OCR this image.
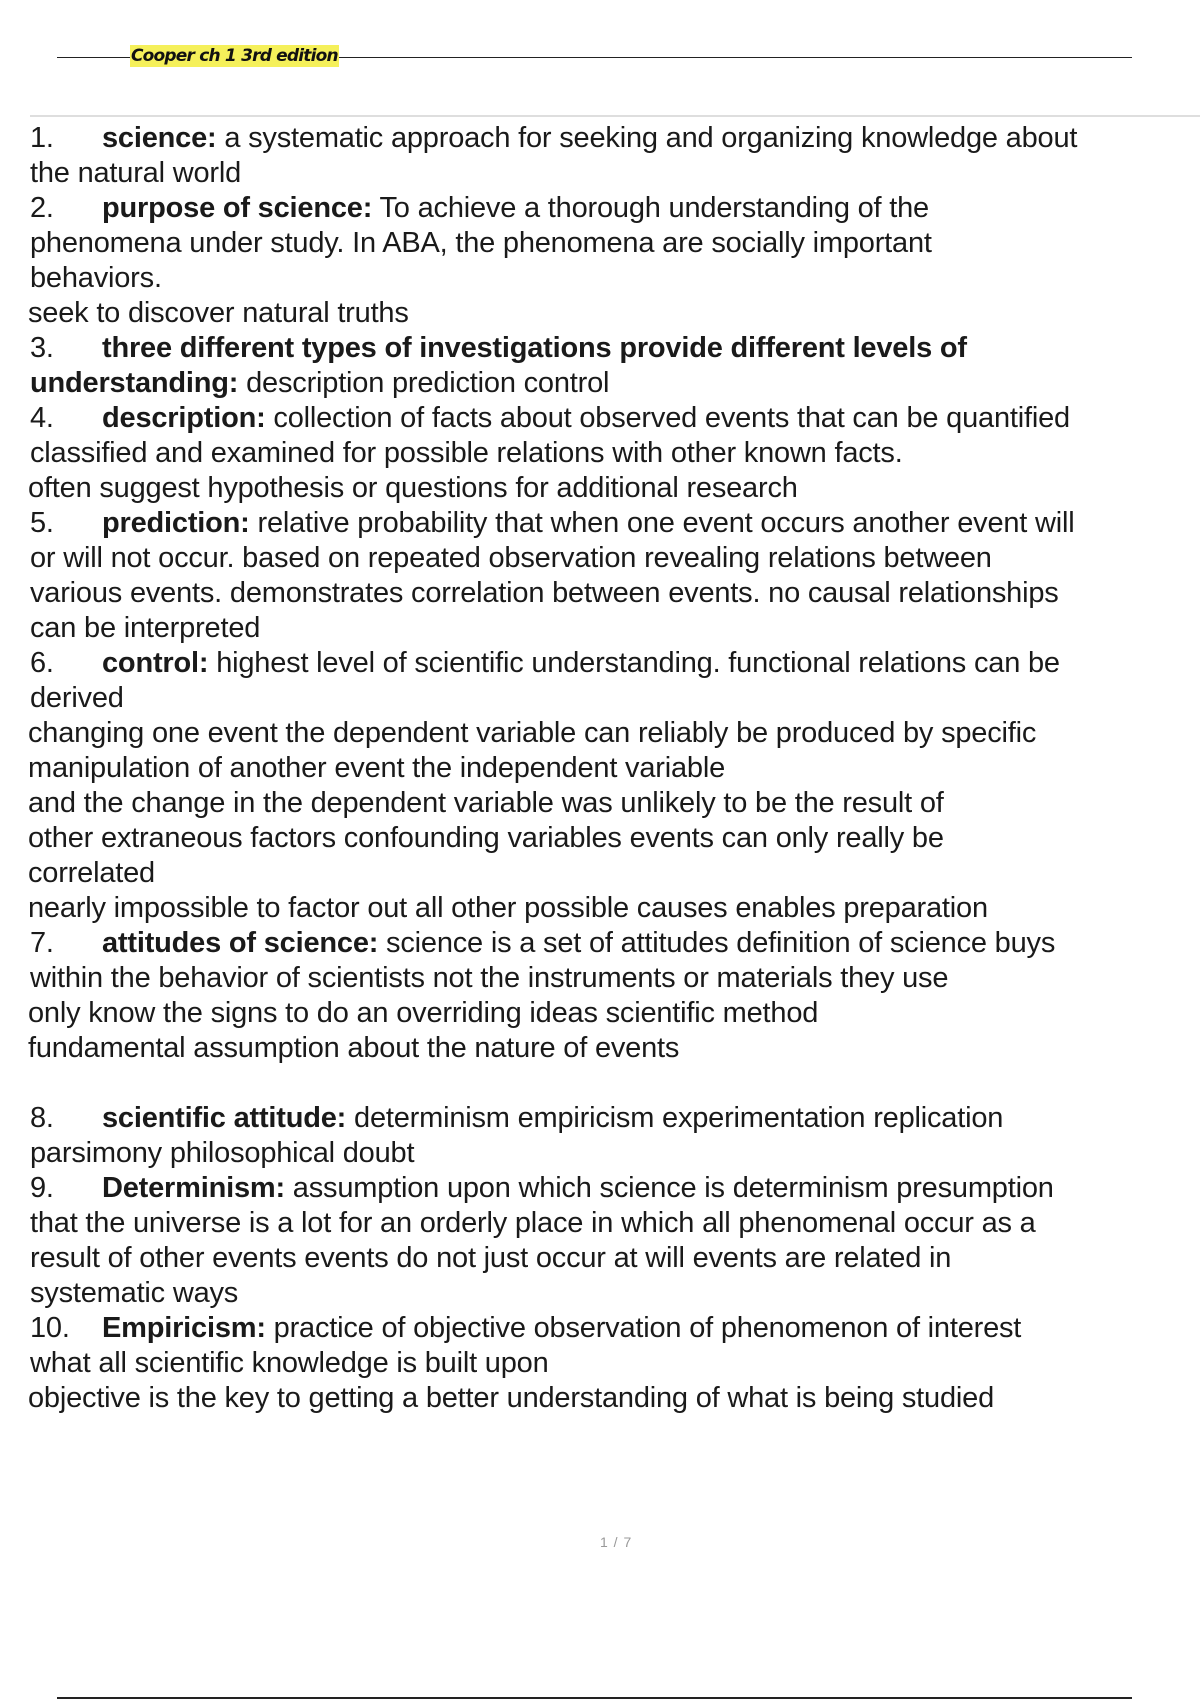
Cooper ch 1 3rd edition
1. science: a systematic approach for seeking and organizing knowledge about
the natural world
2. purpose of science: To achieve a thorough understanding of the
phenomena under study. In ABA, the phenomena are socially important
behaviors.
seek to discover natural truths
3. three different types of investigations provide different levels of
understanding: description prediction control
4. description: collection of facts about observed events that can be quantified
classified and examined for possible relations with other known facts.
often suggest hypothesis or questions for additional research
5. prediction: relative probability that when one event occurs another event will
or will not occur. based on repeated observation revealing relations between
various events. demonstrates correlation between events. no causal relationships
can be interpreted
6. control: highest level of scientific understanding. functional relations can be
derived
changing one event the dependent variable can reliably be produced by specific
manipulation of another event the independent variable
and the change in the dependent variable was unlikely to be the result of
other extraneous factors confounding variables events can only really be
correlated
nearly impossible to factor out all other possible causes enables preparation
7. attitudes of science: science is a set of attitudes definition of science buys
within the behavior of scientists not the instruments or materials they use
only know the signs to do an overriding ideas scientific method
fundamental assumption about the nature of events
8. scientific attitude: determinism empiricism experimentation replication
parsimony philosophical doubt
9. Determinism: assumption upon which science is determinism presumption
that the universe is a lot for an orderly place in which all phenomenal occur as a
result of other events events do not just occur at will events are related in
systematic ways
10. Empiricism: practice of objective observation of phenomenon of interest
what all scientific knowledge is built upon
objective is the key to getting a better understanding of what is being studied
1 / 7
